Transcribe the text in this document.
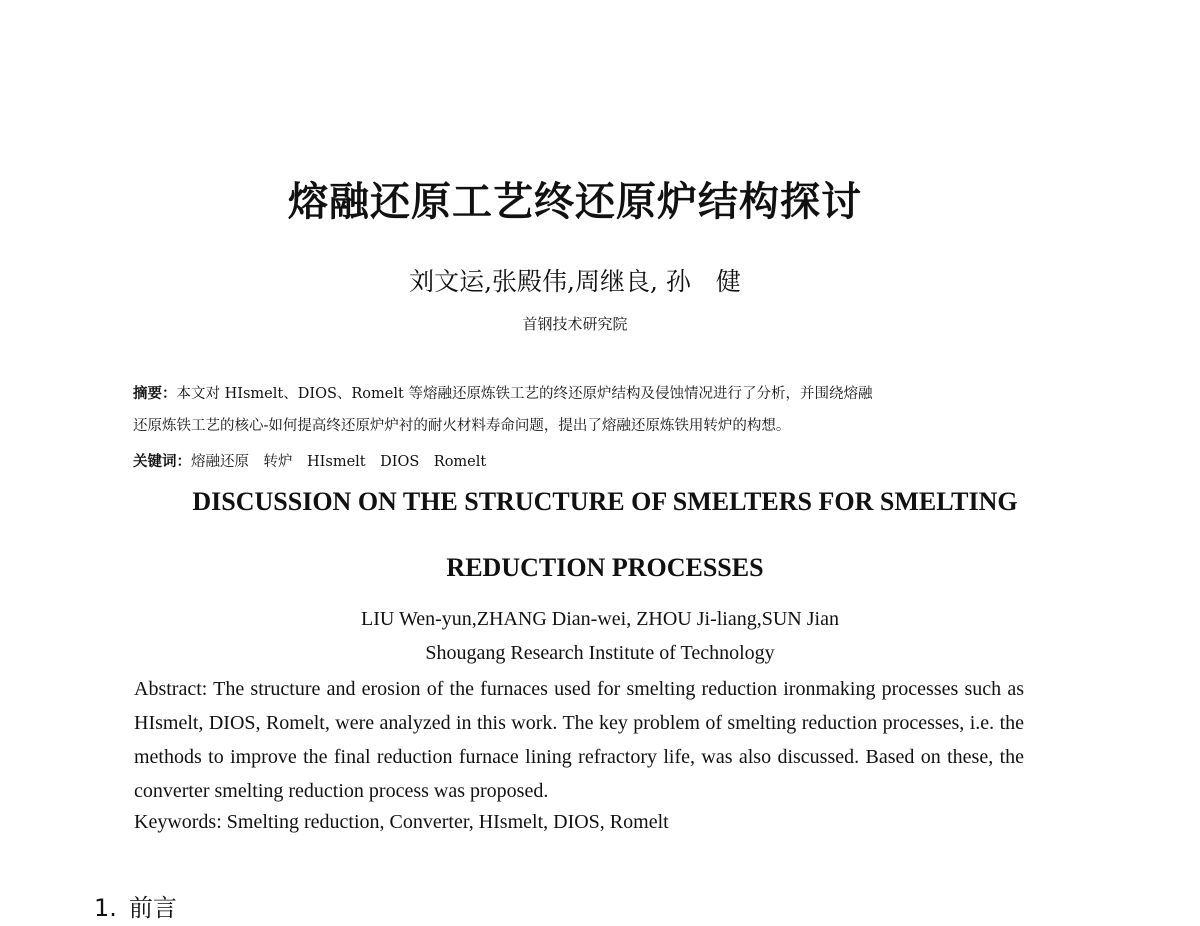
熔融还原工艺终还原炉结构探讨
刘文运,张殿伟,周继良, 孙　健
首钢技术研究院
摘要：本文对 HIsmelt、DIOS、Romelt 等熔融还原炼铁工艺的终还原炉结构及侵蚀情况进行了分析，并围绕熔融
还原炼铁工艺的核心-如何提高终还原炉炉衬的耐火材料寿命问题，提出了熔融还原炼铁用转炉的构想。
关键词：熔融还原　转炉　HIsmelt　DIOS　Romelt
DISCUSSION ON THE STRUCTURE OF SMELTERS FOR SMELTING
REDUCTION PROCESSES
LIU Wen-yun,ZHANG Dian-wei, ZHOU Ji-liang,SUN Jian
Shougang Research Institute of Technology
Abstract: The structure and erosion of the furnaces used for smelting reduction ironmaking processes such as HIsmelt, DIOS, Romelt, were analyzed in this work. The key problem of smelting reduction processes, i.e. the methods to improve the final reduction furnace lining refractory life, was also discussed. Based on these, the converter smelting reduction process was proposed.
Keywords: Smelting reduction, Converter, HIsmelt, DIOS, Romelt
1. 前言
